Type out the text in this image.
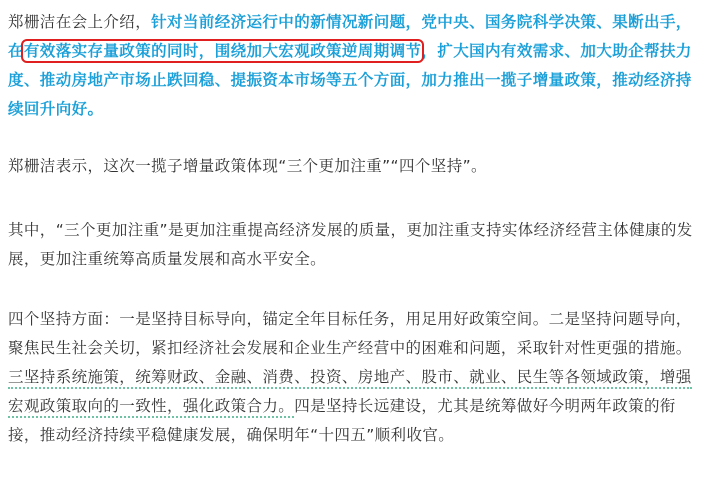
郑栅洁在会上介绍，针对当前经济运行中的新情况新问题，党中央、国务院科学决策、果断出手，在有效落实存量政策的同时，围绕加大宏观政策逆周期调节，扩大国内有效需求、加大助企帮扶力度、推动房地产市场止跌回稳、提振资本市场等五个方面，加力推出一揽子增量政策，推动经济持续回升向好。

郑栅洁表示，这次一揽子增量政策体现“三个更加注重”“四个坚持”。

其中，“三个更加注重”是更加注重提高经济发展的质量，更加注重支持实体经济经营主体健康的发展，更加注重统筹高质量发展和高水平安全。

四个坚持方面：一是坚持目标导向，锚定全年目标任务，用足用好政策空间。二是坚持问题导向，聚焦民生社会关切，紧扣经济社会发展和企业生产经营中的困难和问题，采取针对性更强的措施。三坚持系统施策，统筹财政、金融、消费、投资、房地产、股市、就业、民生等各领域政策，增强宏观政策取向的一致性，强化政策合力。四是坚持长远建设，尤其是统筹做好今明两年政策的衔接，推动经济持续平稳健康发展，确保明年“十四五”顺利收官。
